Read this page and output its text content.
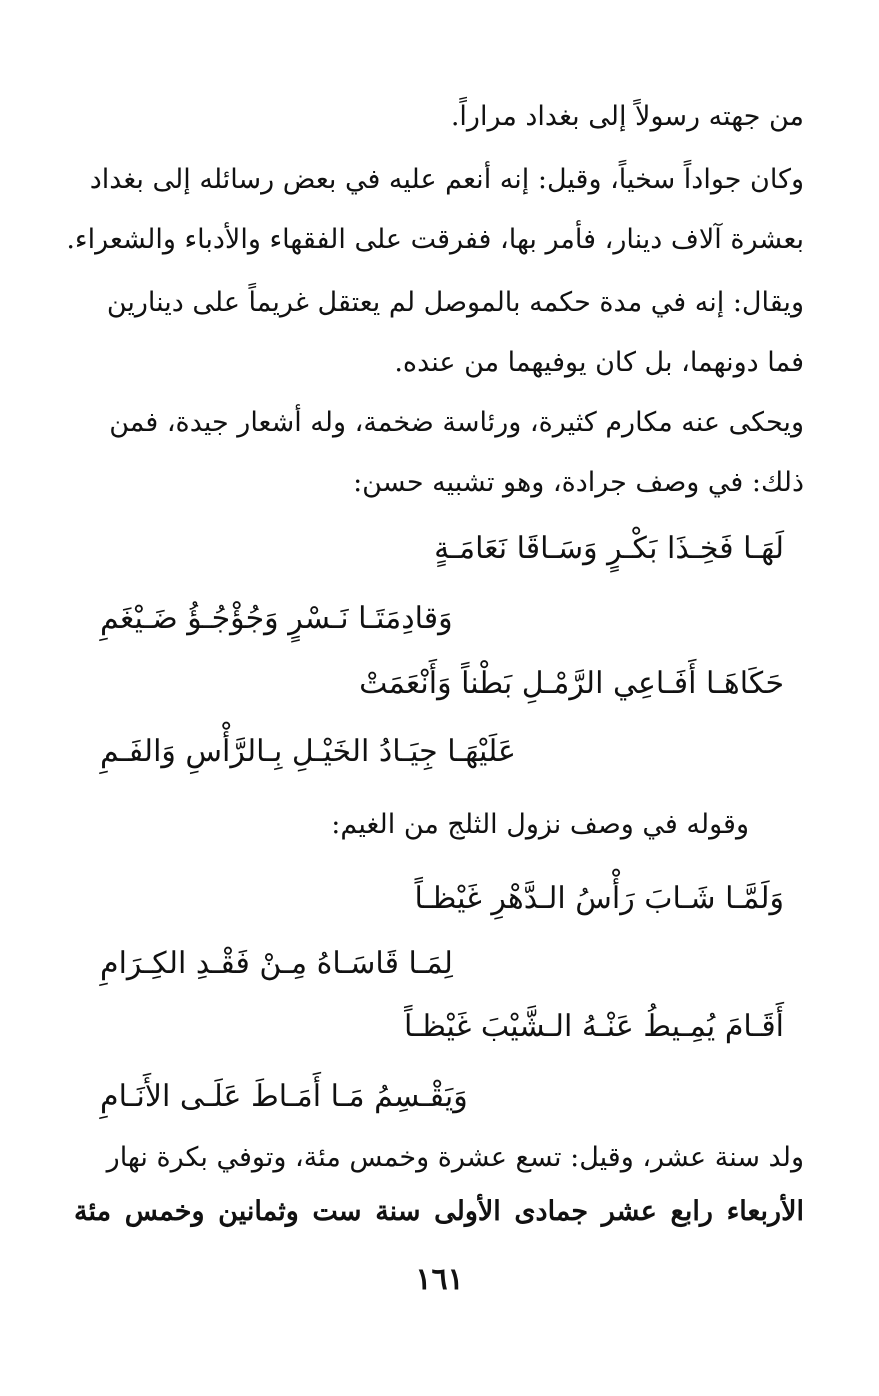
من جهته رسولاً إلى بغداد مراراً.
وكان جواداً سخياً، وقيل: إنه أنعم عليه في بعض رسائله إلى بغداد
بعشرة آلاف دينار، فأمر بها، ففرقت على الفقهاء والأدباء والشعراء.
ويقال: إنه في مدة حكمه بالموصل لم يعتقل غريماً على دينارين
فما دونهما، بل كان يوفيهما من عنده.
ويحكى عنه مكارم كثيرة، ورئاسة ضخمة، وله أشعار جيدة، فمن
ذلك: في وصف جرادة، وهو تشبيه حسن:
لَهَـا فَخِـذَا بَكْـرٍ وَسَـاقَا نَعَامَـةٍ
وَقادِمَتَـا نَـسْرٍ وَجُؤْجُـؤُ ضَـيْغَمِ
حَكَاهَـا أَفَـاعِي الرَّمْـلِ بَطْناً وَأَنْعَمَتْ
عَلَيْهَـا جِيَـادُ الخَيْـلِ بِـالرَّأْسِ وَالفَـمِ
وقوله في وصف نزول الثلج من الغيم:
وَلَمَّـا شَـابَ رَأْسُ الـدَّهْرِ غَيْظـاً
لِمَـا قَاسَـاهُ مِـنْ فَقْـدِ الكِـرَامِ
أَقَـامَ يُمِـيطُ عَنْـهُ الـشَّيْبَ غَيْظـاً
وَيَقْـسِمُ مَـا أَمَـاطَ عَلَـى الأَنَـامِ
ولد سنة عشر، وقيل: تسع عشرة وخمس مئة، وتوفي بكرة نهار
الأربعاء رابع عشر جمادى الأولى سنة ست وثمانين وخمس مئة
١٦١
